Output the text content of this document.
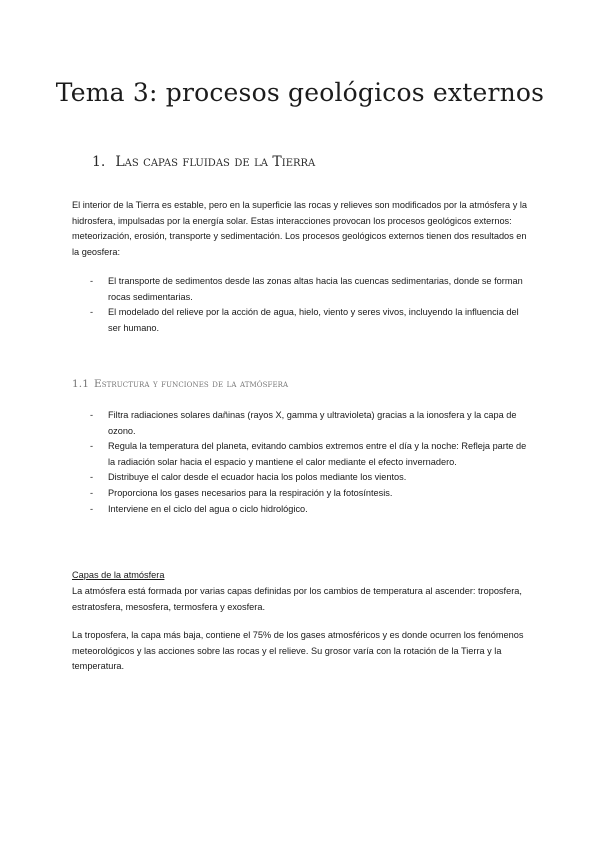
Tema 3: procesos geológicos externos
1. Las capas fluidas de la Tierra

El interior de la Tierra es estable, pero en la superficie las rocas y relieves son modificados por la atmósfera y la hidrosfera, impulsadas por la energía solar. Estas interacciones provocan los procesos geológicos externos: meteorización, erosión, transporte y sedimentación. Los procesos geológicos externos tienen dos resultados en la geosfera:

- El transporte de sedimentos desde las zonas altas hacia las cuencas sedimentarias, donde se forman rocas sedimentarias.
- El modelado del relieve por la acción de agua, hielo, viento y seres vivos, incluyendo la influencia del ser humano.
1.1 Estructura y funciones de la atmósfera
- Filtra radiaciones solares dañinas (rayos X, gamma y ultravioleta) gracias a la ionosfera y la capa de ozono.
- Regula la temperatura del planeta, evitando cambios extremos entre el día y la noche: Refleja parte de la radiación solar hacia el espacio y mantiene el calor mediante el efecto invernadero.
- Distribuye el calor desde el ecuador hacia los polos mediante los vientos.
- Proporciona los gases necesarios para la respiración y la fotosíntesis.
- Interviene en el ciclo del agua o ciclo hidrológico.

Capas de la atmósfera

La atmósfera está formada por varias capas definidas por los cambios de temperatura al ascender: troposfera, estratosfera, mesosfera, termosfera y exosfera.

La troposfera, la capa más baja, contiene el 75% de los gases atmosféricos y es donde ocurren los fenómenos meteorológicos y las acciones sobre las rocas y el relieve. Su grosor varía con la rotación de la Tierra y la temperatura.
